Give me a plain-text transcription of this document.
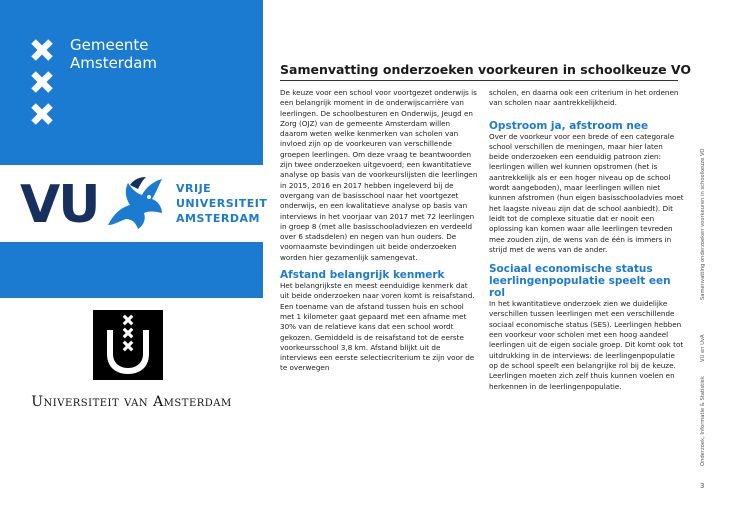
Gemeente
Amsterdam
VU	VRIJE
UNIVERSITEIT
AMSTERDAM
Universiteit van Amsterdam
Samenvatting onderzoeken voorkeuren in schoolkeuze VO

De keuze voor een school voor voortgezet onderwijs is een belangrijk moment in de onderwijscarrière van leerlingen. De schoolbesturen en Onderwijs, Jeugd en Zorg (OJZ) van de gemeente Amsterdam willen daarom weten welke kenmerken van scholen van invloed zijn op de voorkeuren van verschillende groepen leerlingen. Om deze vraag te beantwoorden zijn twee onderzoeken uitgevoerd; een kwantitatieve analyse op basis van de voorkeurslijsten die leerlingen in 2015, 2016 en 2017 hebben ingeleverd bij de overgang van de basisschool naar het voortgezet onderwijs, en een kwalitatieve analyse op basis van interviews in het voorjaar van 2017 met 72 leerlingen in groep 8 (met alle basisschooladviezen en verdeeld over 6 stadsdelen) en negen van hun ouders. De voornaamste bevindingen uit beide onderzoeken worden hier gezamenlijk samengevat.

Afstand belangrijk kenmerk

Het belangrijkste en meest eenduidige kenmerk dat uit beide onderzoeken naar voren komt is reisafstand. Een toename van de afstand tussen huis en school met 1 kilometer gaat gepaard met een afname met 30% van de relatieve kans dat een school wordt gekozen. Gemiddeld is de reisafstand tot de eerste voorkeursschool 3,8 km. Afstand blijkt uit de interviews een eerste selectiecriterium te zijn voor de te overwegen

scholen, en daarna ook een criterium in het ordenen van scholen naar aantrekkelijkheid.

Opstroom ja, afstroom nee

Over de voorkeur voor een brede of een categorale school verschillen de meningen, maar hier laten beide onderzoeken een eenduidig patroon zien: leerlingen willen wel kunnen opstromen (het is aantrekkelijk als er een hoger niveau op de school wordt aangeboden), maar leerlingen willen niet kunnen afstromen (hun eigen basisschooladvies moet het laagste niveau zijn dat de school aanbiedt). Dit leidt tot de complexe situatie dat er nooit een oplossing kan komen waar alle leerlingen tevreden mee zouden zijn, de wens van de één is immers in strijd met de wens van de ander.

Sociaal economische status leerlingenpopulatie speelt een rol

In het kwantitatieve onderzoek zien we duidelijke verschillen tussen leerlingen met een verschillende sociaal economische status (SES). Leerlingen hebben een voorkeur voor scholen met een hoog aandeel leerlingen uit de eigen sociale groep. Dit komt ook tot uitdrukking in de interviews: de leerlingenpopulatie op de school speelt een belangrijke rol bij de keuze. Leerlingen moeten zich zelf thuis kunnen voelen en herkennen in de leerlingenpopulatie.	Onderzoek, Informatie & Statistiek
VU en UvA
Samenvatting onderzoeken voorkeuren in schoolkeuze VO
3
